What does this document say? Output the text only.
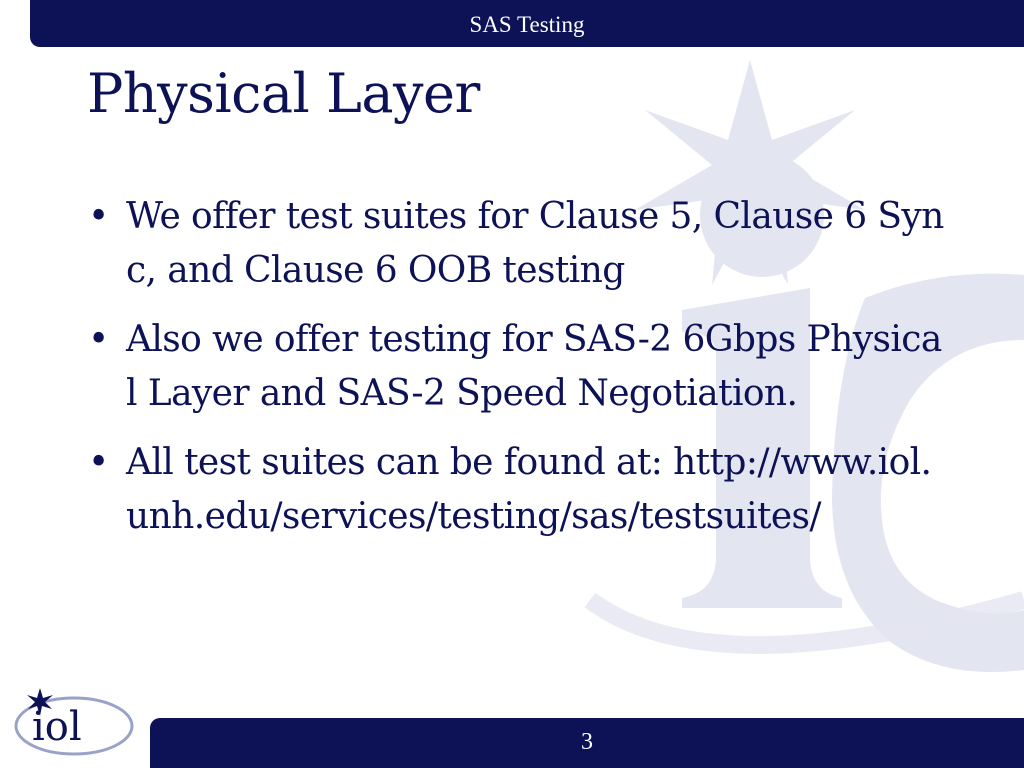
SAS Testing
Physical Layer
• We offer test suites for Clause 5, Clause 6 Sync, and Clause 6 OOB testing
• Also we offer testing for SAS-2 6Gbps Physical Layer and SAS-2 Speed Negotiation.
• All test suites can be found at: http://www.iol.unh.edu/services/testing/sas/testsuites/
iol	3
